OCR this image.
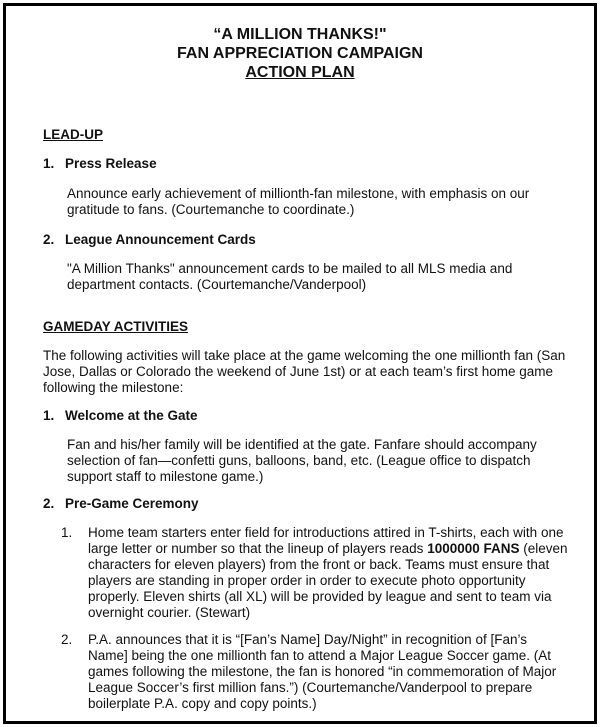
“A MILLION THANKS!"
FAN APPRECIATION CAMPAIGN
ACTION PLAN
LEAD-UP
1. Press Release
Announce early achievement of millionth-fan milestone, with emphasis on our gratitude to fans. (Courtemanche to coordinate.)
2. League Announcement Cards
"A Million Thanks" announcement cards to be mailed to all MLS media and department contacts. (Courtemanche/Vanderpool)
GAMEDAY ACTIVITIES
The following activities will take place at the game welcoming the one millionth fan (San Jose, Dallas or Colorado the weekend of June 1st) or at each team’s first home game following the milestone:
1. Welcome at the Gate
Fan and his/her family will be identified at the gate. Fanfare should accompany selection of fan—confetti guns, balloons, band, etc. (League office to dispatch support staff to milestone game.)
2. Pre-Game Ceremony
1. Home team starters enter field for introductions attired in T-shirts, each with one large letter or number so that the lineup of players reads 1000000 FANS (eleven characters for eleven players) from the front or back. Teams must ensure that players are standing in proper order in order to execute photo opportunity properly. Eleven shirts (all XL) will be provided by league and sent to team via overnight courier. (Stewart)
2. P.A. announces that it is “[Fan’s Name] Day/Night” in recognition of [Fan’s Name] being the one millionth fan to attend a Major League Soccer game. (At games following the milestone, the fan is honored “in commemoration of Major League Soccer’s first million fans.”) (Courtemanche/Vanderpool to prepare boilerplate P.A. copy and copy points.)
